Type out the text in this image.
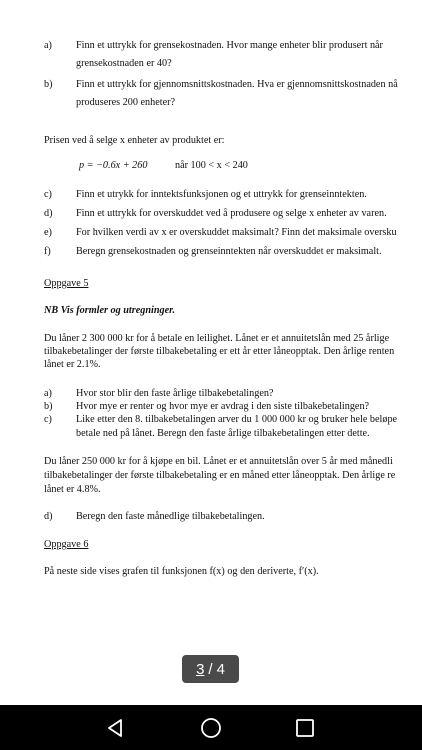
a) Finn et uttrykk for grensekostnaden. Hvor mange enheter blir produsert når
grensekostnaden er 40?
b) Finn et uttrykk for gjennomsnittskostnaden. Hva er gjennomsnittskostnaden nå
produseres 200 enheter?
Prisen ved å selge x enheter av produktet er:
p = −0.6x + 260	når 100 < x < 240
c) Finn et utrykk for inntektsfunksjonen og et uttrykk for grenseinntekten.
d) Finn et uttrykk for overskuddet ved å produsere og selge x enheter av varen.
e) For hvilken verdi av x er overskuddet maksimalt? Finn det maksimale oversku
f) Beregn grensekostnaden og grenseinntekten når overskuddet er maksimalt.
Oppgave 5
NB Vis formler og utregninger.
Du låner 2 300 000 kr for å betale en leilighet. Lånet er et annuitetslån med 25 årlige
tilbakebetalinger der første tilbakebetaling er ett år etter låneopptak. Den årlige renten
lånet er 2.1%.
a) Hvor stor blir den faste årlige tilbakebetalingen?
b) Hvor mye er renter og hvor mye er avdrag i den siste tilbakebetalingen?
c) Like etter den 8. tilbakebetalingen arver du 1 000 000 kr og bruker hele beløpe
betale ned på lånet. Beregn den faste årlige tilbakebetalingen etter dette.
Du låner 250 000 kr for å kjøpe en bil. Lånet er et annuitetslån over 5 år med månedli
tilbakebetalinger der første tilbakebetaling er en måned etter låneopptak. Den årlige re
lånet er 4.8%.
d) Beregn den faste månedlige tilbakebetalingen.
Oppgave 6
På neste side vises grafen til funksjonen f(x) og den deriverte, f′(x).
3 / 4
